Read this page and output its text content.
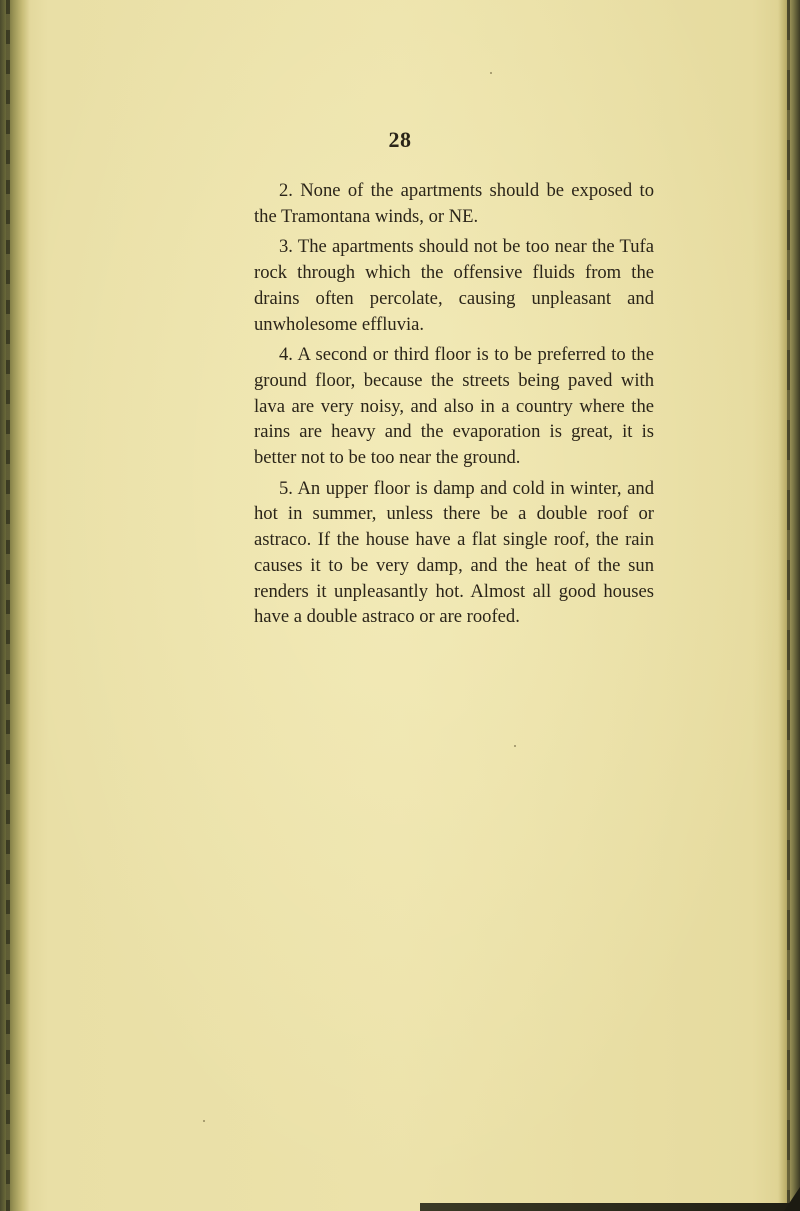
28

2. None of the apartments should be exposed to the Tramontana winds, or NE.

3. The apartments should not be too near the Tufa rock through which the offensive fluids from the drains often percolate, causing unpleasant and unwholesome effluvia.

4. A second or third floor is to be preferred to the ground floor, because the streets being paved with lava are very noisy, and also in a country where the rains are heavy and the evaporation is great, it is better not to be too near the ground.

5. An upper floor is damp and cold in winter, and hot in summer, unless there be a double roof or astraco. If the house have a flat single roof, the rain causes it to be very damp, and the heat of the sun renders it unpleasantly hot. Almost all good houses have a double astraco or are roofed.
